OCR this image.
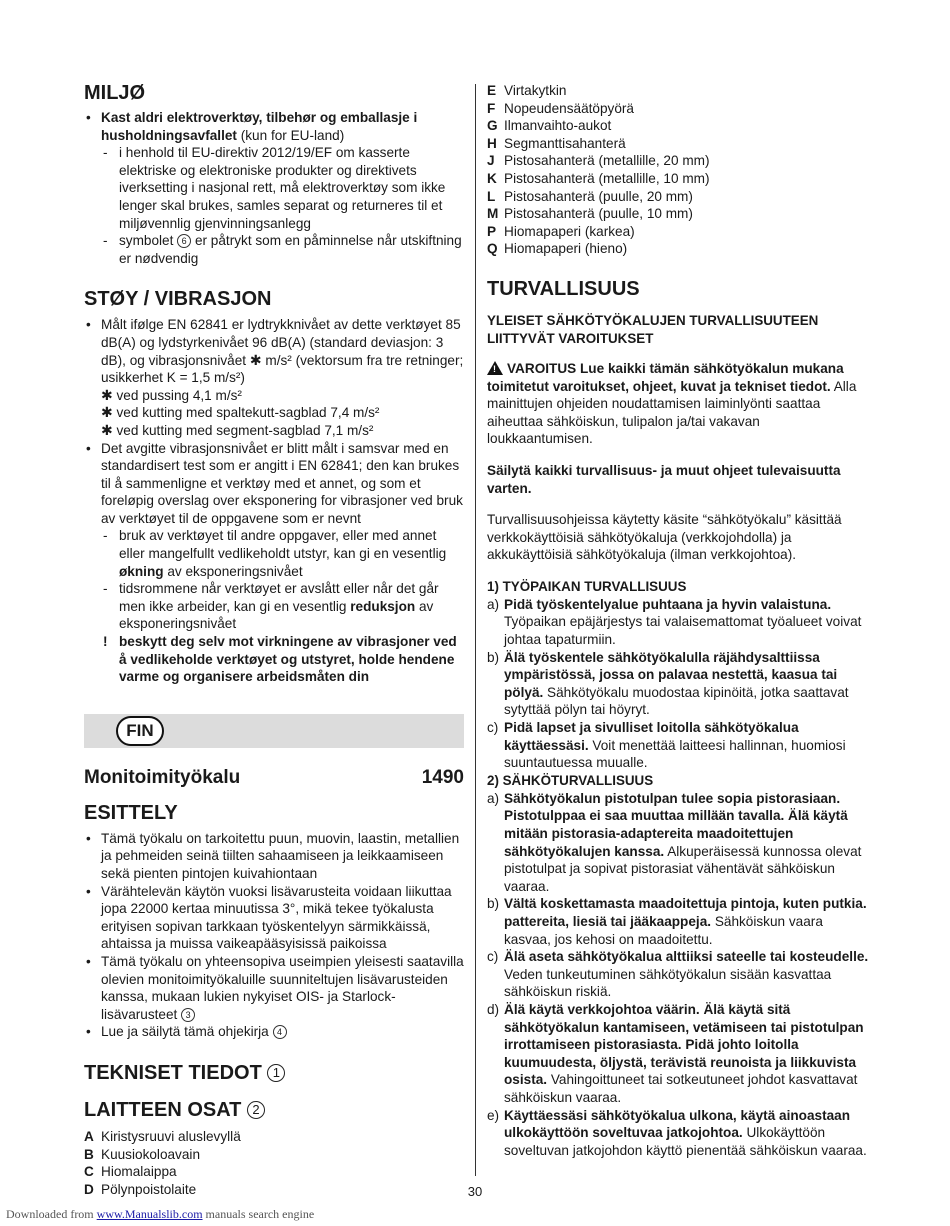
MILJØ
• Kast aldri elektroverktøy, tilbehør og emballasje i husholdningsavfallet (kun for EU-land)
- i henhold til EU-direktiv 2012/19/EF om kasserte elektriske og elektroniske produkter og direktivets iverksetting i nasjonal rett, må elektroverktøy som ikke lenger skal brukes, samles separat og returneres til et miljøvennlig gjenvinningsanlegg
- symbolet 6 er påtrykt som en påminnelse når utskiftning er nødvendig
STØY / VIBRASJON
• Målt ifølge EN 62841 er lydtrykknivået av dette verktøyet 85 dB(A) og lydstyrkenivået 96 dB(A) (standard deviasjon: 3 dB), og vibrasjonsnivået ✱ m/s² (vektorsum fra tre retninger; usikkerhet K = 1,5 m/s²)
✱ ved pussing 4,1 m/s²
✱ ved kutting med spaltekutt-sagblad 7,4 m/s²
✱ ved kutting med segment-sagblad 7,1 m/s²
• Det avgitte vibrasjonsnivået er blitt målt i samsvar med en standardisert test som er angitt i EN 62841; den kan brukes til å sammenligne et verktøy med et annet, og som et foreløpig overslag over eksponering for vibrasjoner ved bruk av verktøyet til de oppgavene som er nevnt
- bruk av verktøyet til andre oppgaver, eller med annet eller mangelfullt vedlikeholdt utstyr, kan gi en vesentlig økning av eksponeringsnivået
- tidsrommene når verktøyet er avslått eller når det går men ikke arbeider, kan gi en vesentlig reduksjon av eksponeringsnivået
! beskytt deg selv mot virkningene av vibrasjoner ved å vedlikeholde verktøyet og utstyret, holde hendene varme og organisere arbeidsmåten din
FIN
Monitoimityökalu	1490
ESITTELY
• Tämä työkalu on tarkoitettu puun, muovin, laastin, metallien ja pehmeiden seinä tiilten sahaamiseen ja leikkaamiseen sekä pienten pintojen kuivahiontaan
• Värähtelevän käytön vuoksi lisävarusteita voidaan liikuttaa jopa 22000 kertaa minuutissa 3°, mikä tekee työkalusta erityisen sopivan tarkkaan työskentelyyn särmikkäissä, ahtaissa ja muissa vaikeapääsyisissä paikoissa
• Tämä työkalu on yhteensopiva useimpien yleisesti saatavilla olevien monitoimityökaluille suunniteltujen lisävarusteiden kanssa, mukaan lukien nykyiset OIS- ja Starlock-lisävarusteet 3
• Lue ja säilytä tämä ohjekirja 4
TEKNISET TIEDOT 1
LAITTEEN OSAT 2
A Kiristysruuvi aluslevyllä
B Kuusiokoloavain
C Hiomalaippa
D Pölynpoistolaite
E Virtakytkin
F Nopeudensäätöpyörä
G Ilmanvaihto-aukot
H Segmanttisahanterä
J Pistosahanterä (metallille, 20 mm)
K Pistosahanterä (metallille, 10 mm)
L Pistosahanterä (puulle, 20 mm)
M Pistosahanterä (puulle, 10 mm)
P Hiomapaperi (karkea)
Q Hiomapaperi (hieno)
TURVALLISUUS
YLEISET SÄHKÖTYÖKALUJEN TURVALLISUUTEEN LIITTYVÄT VAROITUKSET

! VAROITUS Lue kaikki tämän sähkötyökalun mukana toimitetut varoitukset, ohjeet, kuvat ja tekniset tiedot. Alla mainittujen ohjeiden noudattamisen laiminlyönti saattaa aiheuttaa sähköiskun, tulipalon ja/tai vakavan loukkaantumisen.

Säilytä kaikki turvallisuus- ja muut ohjeet tulevaisuutta varten.

Turvallisuusohjeissa käytetty käsite “sähkötyökalu” käsittää verkkokäyttöisiä sähkötyökaluja (verkkojohdolla) ja akkukäyttöisiä sähkötyökaluja (ilman verkkojohtoa).

1) TYÖPAIKAN TURVALLISUUS
a) Pidä työskentelyalue puhtaana ja hyvin valaistuna. Työpaikan epäjärjestys tai valaisemattomat työalueet voivat johtaa tapaturmiin.
b) Älä työskentele sähkötyökalulla räjähdysalttiissa ympäristössä, jossa on palavaa nestettä, kaasua tai pölyä. Sähkötyökalu muodostaa kipinöitä, jotka saattavat sytyttää pölyn tai höyryt.
c) Pidä lapset ja sivulliset loitolla sähkötyökalua käyttäessäsi. Voit menettää laitteesi hallinnan, huomiosi suuntautuessa muualle.
2) SÄHKÖTURVALLISUUS
a) Sähkötyökalun pistotulpan tulee sopia pistorasiaan. Pistotulppaa ei saa muuttaa millään tavalla. Älä käytä mitään pistorasia-adaptereita maadoitettujen sähkötyökalujen kanssa. Alkuperäisessä kunnossa olevat pistotulpat ja sopivat pistorasiat vähentävät sähköiskun vaaraa.
b) Vältä koskettamasta maadoitettuja pintoja, kuten putkia. pattereita, liesiä tai jääkaappeja. Sähköiskun vaara kasvaa, jos kehosi on maadoitettu.
c) Älä aseta sähkötyökalua alttiiksi sateelle tai kosteudelle. Veden tunkeutuminen sähkötyökalun sisään kasvattaa sähköiskun riskiä.
d) Älä käytä verkkojohtoa väärin. Älä käytä sitä sähkötyökalun kantamiseen, vetämiseen tai pistotulpan irrottamiseen pistorasiasta. Pidä johto loitolla kuumuudesta, öljystä, terävistä reunoista ja liikkuvista osista. Vahingoittuneet tai sotkeutuneet johdot kasvattavat sähköiskun vaaraa.
e) Käyttäessäsi sähkötyökalua ulkona, käytä ainoastaan ulkokäyttöön soveltuvaa jatkojohtoa. Ulkokäyttöön soveltuvan jatkojohdon käyttö pienentää sähköiskun vaaraa.
30
Downloaded from www.Manualslib.com manuals search engine
